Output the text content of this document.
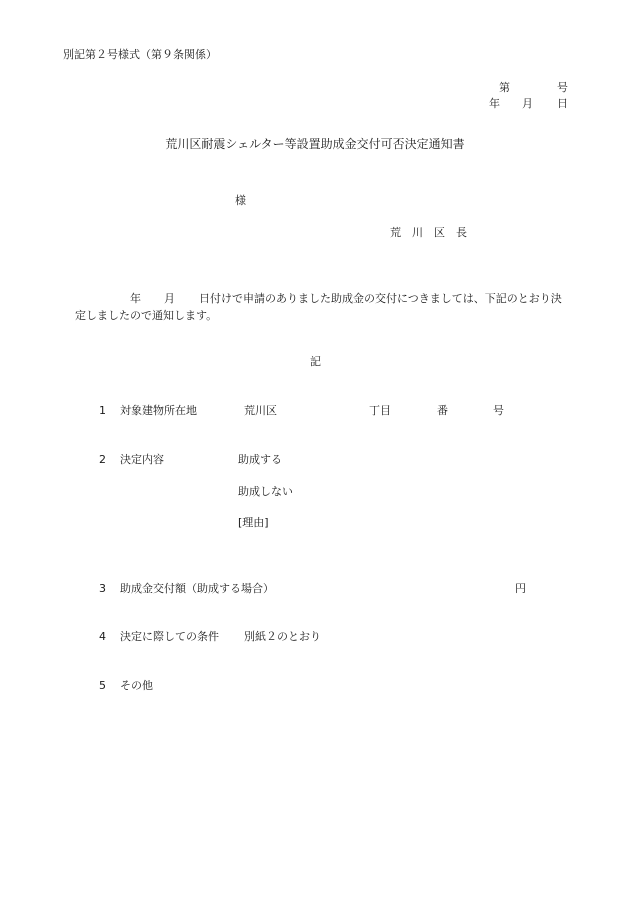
別記第２号様式（第９条関係）
第	号
年 月 日
荒川区耐震シェルター等設置助成金交付可否決定通知書
様
荒　川　区　長
年 月 日付けで申請のありました助成金の交付につきましては、下記のとおり決
定しましたので通知します。
記
1 対象建物所在地	荒川区	丁目	番	号
2 決定内容	助成する
助成しない
[理由]
3 助成金交付額（助成する場合）	円
4 決定に際しての条件 別紙２のとおり
5 その他
